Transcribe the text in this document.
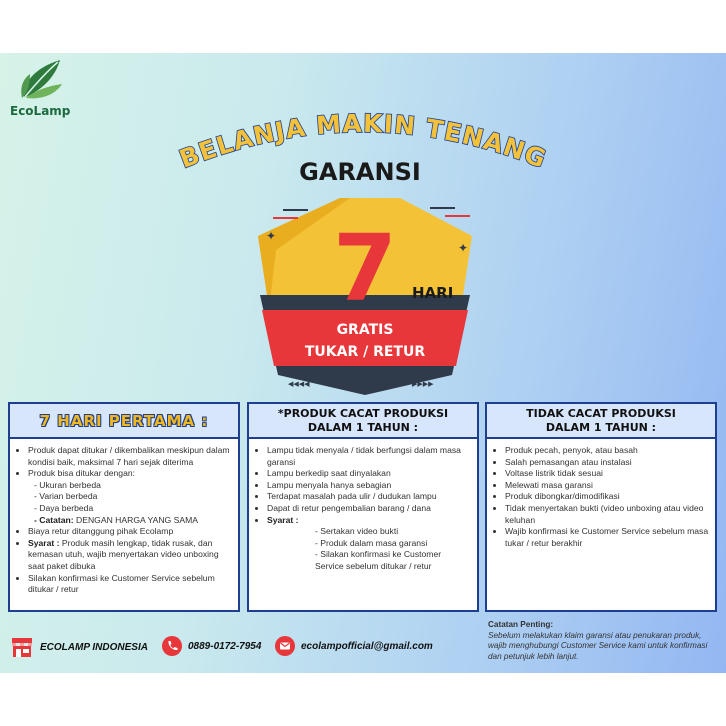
EcoLamp
BELANJA MAKIN TENANG
GARANSI
✦
✦
7 HARI
GRATIS
TUKAR / RETUR
◀◀◀◀	▶▶▶▶
7 HARI PERTAMA :
• Produk dapat ditukar / dikembalikan meskipun dalam kondisi baik, maksimal 7 hari sejak diterima
• Produk bisa ditukar dengan:
- Ukuran berbeda
- Varian berbeda
- Daya berbeda
- Catatan: DENGAN HARGA YANG SAMA
• Biaya retur ditanggung pihak Ecolamp
• Syarat : Produk masih lengkap, tidak rusak, dan kemasan utuh, wajib menyertakan video unboxing saat paket dibuka
• Silakan konfirmasi ke Customer Service sebelum ditukar / retur
*PRODUK CACAT PRODUKSI
DALAM 1 TAHUN :
• Lampu tidak menyala / tidak berfungsi dalam masa garansi
• Lampu berkedip saat dinyalakan
• Lampu menyala hanya sebagian
• Terdapat masalah pada ulir / dudukan lampu
• Dapat di retur pengembalian barang / dana
• Syarat :
- Sertakan video bukti
- Produk dalam masa garansi
- Silakan konfirmasi ke Customer Service sebelum ditukar / retur
TIDAK CACAT PRODUKSI
DALAM 1 TAHUN :
• Produk pecah, penyok, atau basah
• Salah pemasangan atau instalasi
• Voltase listrik tidak sesuai
• Melewati masa garansi
• Produk dibongkar/dimodifikasi
• Tidak menyertakan bukti (video unboxing atau video keluhan
• Wajib konfirmasi ke Customer Service sebelum masa tukar / retur berakhir
ECOLAMP INDONESIA	0889-0172-7954	ecolampofficial@gmail.com
Catatan Penting:
Sebelum melakukan klaim garansi atau penukaran produk, wajib menghubungi Customer Service kami untuk konfirmasi dan petunjuk lebih lanjut.
